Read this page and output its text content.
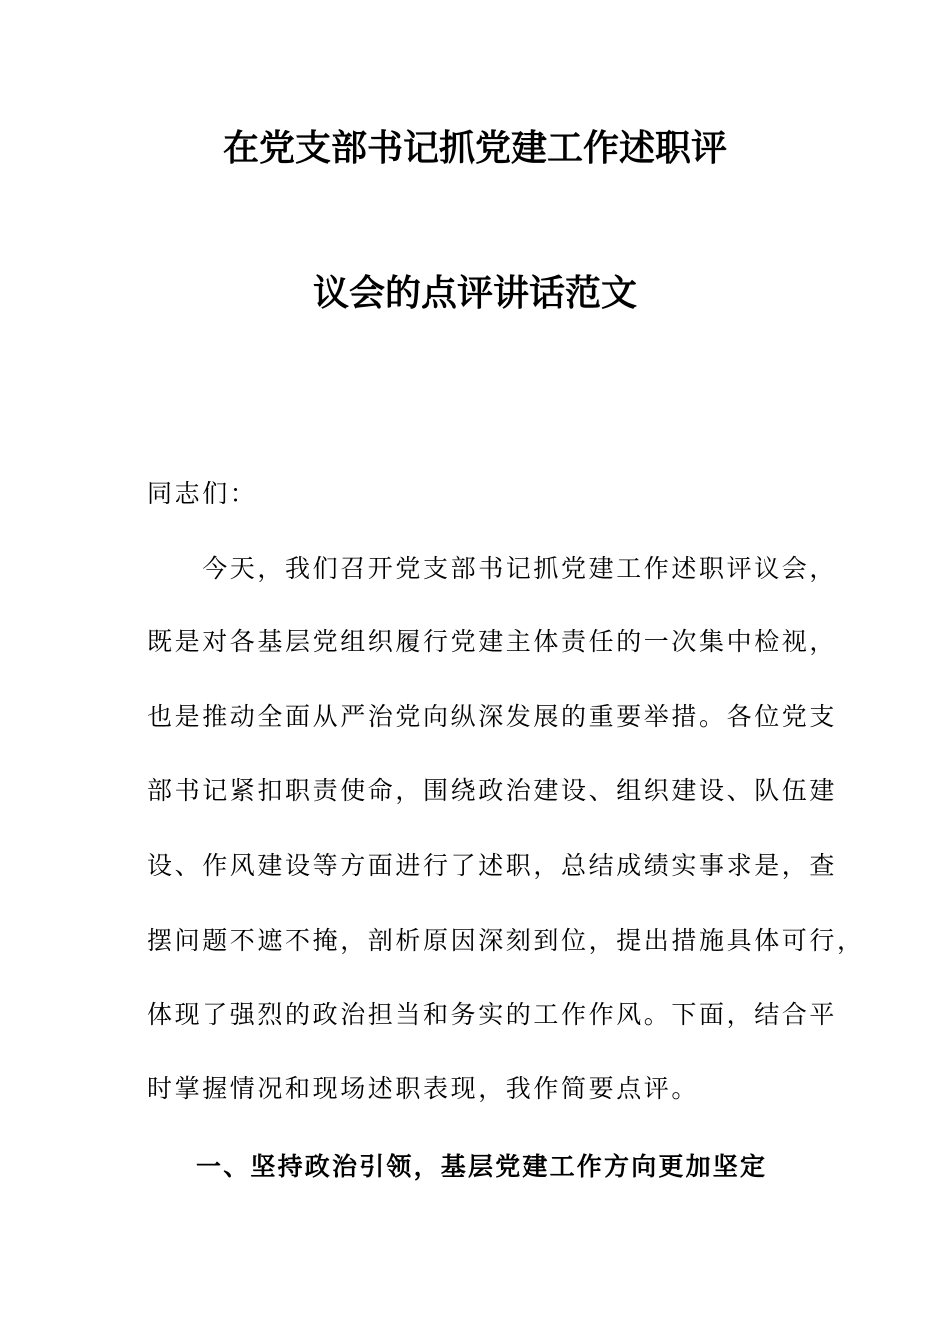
在党支部书记抓党建工作述职评
议会的点评讲话范文
同志们：
　　今天，我们召开党支部书记抓党建工作述职评议会，
既是对各基层党组织履行党建主体责任的一次集中检视，
也是推动全面从严治党向纵深发展的重要举措。各位党支
部书记紧扣职责使命，围绕政治建设、组织建设、队伍建
设、作风建设等方面进行了述职，总结成绩实事求是，查
摆问题不遮不掩，剖析原因深刻到位，提出措施具体可行，
体现了强烈的政治担当和务实的工作作风。下面，结合平
时掌握情况和现场述职表现，我作简要点评。
一、坚持政治引领，基层党建工作方向更加坚定
